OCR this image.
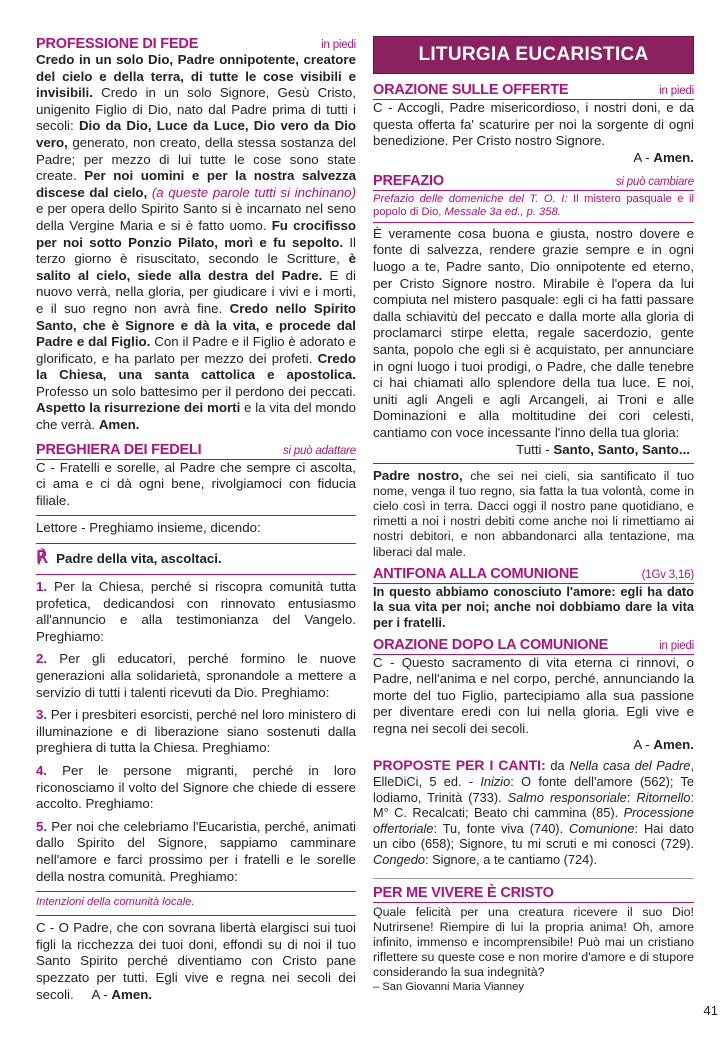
PROFESSIONE DI FEDE	in piedi

Credo in un solo Dio, Padre onnipotente, creatore del cielo e della terra, di tutte le cose visibili e invisibili. Credo in un solo Signore, Gesù Cristo, unigenito Figlio di Dio, nato dal Padre prima di tutti i secoli: Dio da Dio, Luce da Luce, Dio vero da Dio vero, generato, non creato, della stessa sostanza del Padre; per mezzo di lui tutte le cose sono state create. Per noi uomini e per la nostra salvezza discese dal cielo, (a queste parole tutti si inchinano) e per opera dello Spirito Santo si è incarnato nel seno della Vergine Maria e si è fatto uomo. Fu crocifisso per noi sotto Ponzio Pilato, morì e fu sepolto. Il terzo giorno è risuscitato, secondo le Scritture, è salito al cielo, siede alla destra del Padre. E di nuovo verrà, nella gloria, per giudicare i vivi e i morti, e il suo regno non avrà fine. Credo nello Spirito Santo, che è Signore e dà la vita, e procede dal Padre e dal Figlio. Con il Padre e il Figlio è adorato e glorificato, e ha parlato per mezzo dei profeti. Credo la Chiesa, una santa cattolica e apostolica. Professo un solo battesimo per il perdono dei peccati. Aspetto la risurrezione dei morti e la vita del mondo che verrà. Amen.

PREGHIERA DEI FEDELI	si può adattare

C - Fratelli e sorelle, al Padre che sempre ci ascolta, ci ama e ci dà ogni bene, rivolgiamoci con fiducia filiale.

Lettore - Preghiamo insieme, dicendo:

℟ Padre della vita, ascoltaci.

1. Per la Chiesa, perché si riscopra comunità tutta profetica, dedicandosi con rinnovato entusiasmo all'annuncio e alla testimonianza del Vangelo. Preghiamo:

2. Per gli educatori, perché formino le nuove generazioni alla solidarietà, spronandole a mettere a servizio di tutti i talenti ricevuti da Dio. Preghiamo:

3. Per i presbiteri esorcisti, perché nel loro ministero di illuminazione e di liberazione siano sostenuti dalla preghiera di tutta la Chiesa. Preghiamo:

4. Per le persone migranti, perché in loro riconosciamo il volto del Signore che chiede di essere accolto. Preghiamo:

5. Per noi che celebriamo l'Eucaristia, perché, animati dallo Spirito del Signore, sappiamo camminare nell'amore e farci prossimo per i fratelli e le sorelle della nostra comunità. Preghiamo:

Intenzioni della comunità locale.

C - O Padre, che con sovrana libertà elargisci sui tuoi figli la ricchezza dei tuoi doni, effondi su di noi il tuo Santo Spirito perché diventiamo con Cristo pane spezzato per tutti. Egli vive e regna nei secoli dei secoli. A - Amen.

LITURGIA EUCARISTICA
ORAZIONE SULLE OFFERTE	in piedi

C - Accogli, Padre misericordioso, i nostri doni, e da questa offerta fa' scaturire per noi la sorgente di ogni benedizione. Per Cristo nostro Signore.

A - Amen.
PREFAZIO	si può cambiare

Prefazio delle domeniche del T. O. I: Il mistero pasquale e il popolo di Dio, Messale 3a ed., p. 358.

È veramente cosa buona e giusta, nostro dovere e fonte di salvezza, rendere grazie sempre e in ogni luogo a te, Padre santo, Dio onnipotente ed eterno, per Cristo Signore nostro. Mirabile è l'opera da lui compiuta nel mistero pasquale: egli ci ha fatti passare dalla schiavitù del peccato e dalla morte alla gloria di proclamarci stirpe eletta, regale sacerdozio, gente santa, popolo che egli si è acquistato, per annunciare in ogni luogo i tuoi prodigi, o Padre, che dalle tenebre ci hai chiamati allo splendore della tua luce. E noi, uniti agli Angeli e agli Arcangeli, ai Troni e alle Dominazioni e alla moltitudine dei cori celesti, cantiamo con voce incessante l'inno della tua gloria:

Tutti - Santo, Santo, Santo...

Padre nostro, che sei nei cieli, sia santificato il tuo nome, venga il tuo regno, sia fatta la tua volontà, come in cielo così in terra. Dacci oggi il nostro pane quotidiano, e rimetti a noi i nostri debiti come anche noi li rimettiamo ai nostri debitori, e non abbandonarci alla tentazione, ma liberaci dal male.

ANTIFONA ALLA COMUNIONE	(1Gv 3,16)

In questo abbiamo conosciuto l'amore: egli ha dato la sua vita per noi; anche noi dobbiamo dare la vita per i fratelli.

ORAZIONE DOPO LA COMUNIONE	in piedi

C - Questo sacramento di vita eterna ci rinnovi, o Padre, nell'anima e nel corpo, perché, annunciando la morte del tuo Figlio, partecipiamo alla sua passione per diventare eredi con lui nella gloria. Egli vive e regna nei secoli dei secoli.

A - Amen.

PROPOSTE PER I CANTI: da Nella casa del Padre, ElleDiCi, 5 ed. - Inizio: O fonte dell'amore (562); Te lodiamo, Trinità (733). Salmo responsoriale: Ritornello: M° C. Recalcati; Beato chi cammina (85). Processione offertoriale: Tu, fonte viva (740). Comunione: Hai dato un cibo (658); Signore, tu mi scruti e mi conosci (729). Congedo: Signore, a te cantiamo (724).

PER ME VIVERE È CRISTO

Quale felicità per una creatura ricevere il suo Dio! Nutrirsene! Riempire di lui la propria anima! Oh, amore infinito, immenso e incomprensibile! Può mai un cristiano riflettere su queste cose e non morire d'amore e di stupore considerando la sua indegnità?

– San Giovanni Maria Vianney

41
